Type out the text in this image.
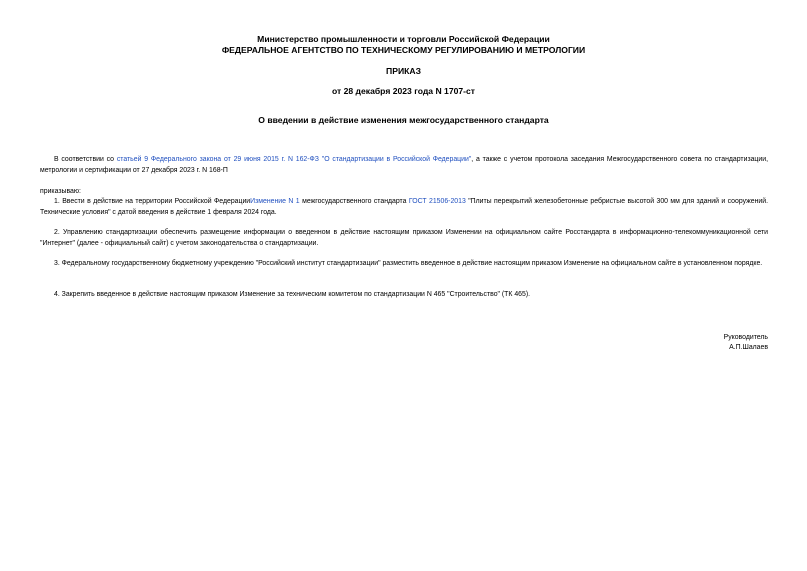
Министерство промышленности и торговли Российской Федерации
ФЕДЕРАЛЬНОЕ АГЕНТСТВО ПО ТЕХНИЧЕСКОМУ РЕГУЛИРОВАНИЮ И МЕТРОЛОГИИ
ПРИКАЗ
от 28 декабря 2023 года N 1707-ст
О введении в действие изменения межгосударственного стандарта
В соответствии со статьей 9 Федерального закона от 29 июня 2015 г. N 162-ФЗ "О стандартизации в Российской Федерации", а также с учетом протокола заседания Межгосударственного совета по стандартизации, метрологии и сертификации от 27 декабря 2023 г. N 168-П
приказываю:
1. Ввести в действие на территории Российской ФедерацииИзменение N 1 межгосударственного стандарта ГОСТ 21506-2013 "Плиты перекрытий железобетонные ребристые высотой 300 мм для зданий и сооружений. Технические условия" с датой введения в действие 1 февраля 2024 года.
2. Управлению стандартизации обеспечить размещение информации о введенном в действие настоящим приказом Изменении на официальном сайте Росстандарта в информационно-телекоммуникационной сети "Интернет" (далее - официальный сайт) с учетом законодательства о стандартизации.
3. Федеральному государственному бюджетному учреждению "Российский институт стандартизации" разместить введенное в действие настоящим приказом Изменение на официальном сайте в установленном порядке.
4. Закрепить введенное в действие настоящим приказом Изменение за техническим комитетом по стандартизации N 465 "Строительство" (ТК 465).
Руководитель
А.П.Шалаев
